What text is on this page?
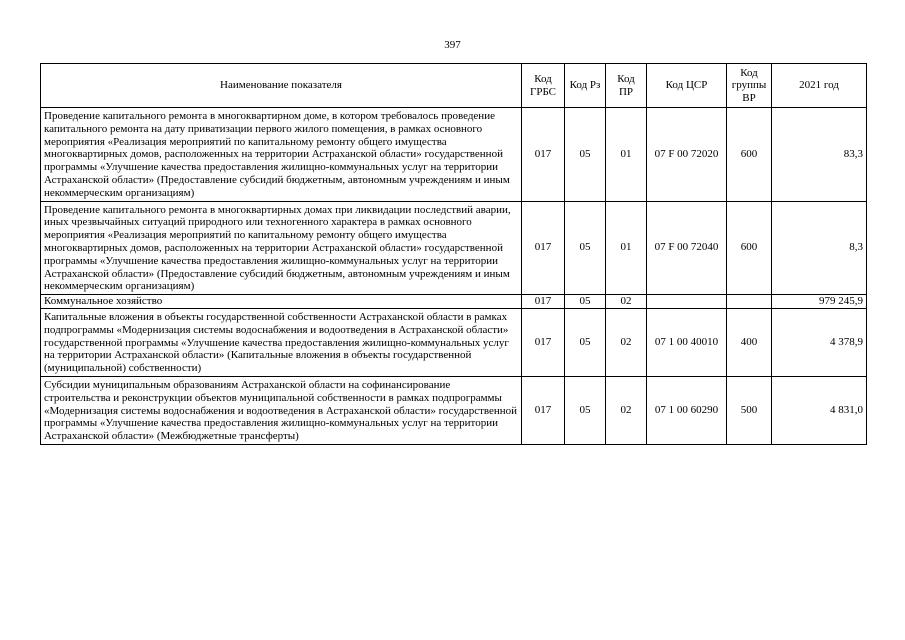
397
Наименование показателя	Код ГРБС	Код Рз	Код ПР	Код ЦСР	Код группы ВР	2021 год
Проведение капитального ремонта в многоквартирном доме, в котором требовалось проведение капитального ремонта на дату приватизации первого жилого помещения, в рамках основного мероприятия «Реализация мероприятий по капитальному ремонту общего имущества многоквартирных домов, расположенных на территории Астраханской области» государственной программы «Улучшение качества предоставления жилищно-коммунальных услуг на территории Астраханской области» (Предоставление субсидий бюджетным, автономным учреждениям и иным некоммерческим организациям)	017	05	01	07 F 00 72020	600	83,3
Проведение капитального ремонта в многоквартирных домах при ликвидации последствий аварии, иных чрезвычайных ситуаций природного или техногенного характера в рамках основного мероприятия «Реализация мероприятий по капитальному ремонту общего имущества многоквартирных домов, расположенных на территории Астраханской области» государственной программы «Улучшение качества предоставления жилищно-коммунальных услуг на территории Астраханской области» (Предоставление субсидий бюджетным, автономным учреждениям и иным некоммерческим организациям)	017	05	01	07 F 00 72040	600	8,3
Коммунальное хозяйство	017	05	02			979 245,9
Капитальные вложения в объекты государственной собственности Астраханской области в рамках подпрограммы «Модернизация системы водоснабжения и водоотведения в Астраханской области» государственной программы «Улучшение качества предоставления жилищно-коммунальных услуг на территории Астраханской области» (Капитальные вложения в объекты государственной (муниципальной) собственности)	017	05	02	07 1 00 40010	400	4 378,9
Субсидии муниципальным образованиям Астраханской области на софинансирование строительства и реконструкции объектов муниципальной собственности в рамках подпрограммы «Модернизация системы водоснабжения и водоотведения в Астраханской области» государственной программы «Улучшение качества предоставления жилищно-коммунальных услуг на территории Астраханской области» (Межбюджетные трансферты)	017	05	02	07 1 00 60290	500	4 831,0
